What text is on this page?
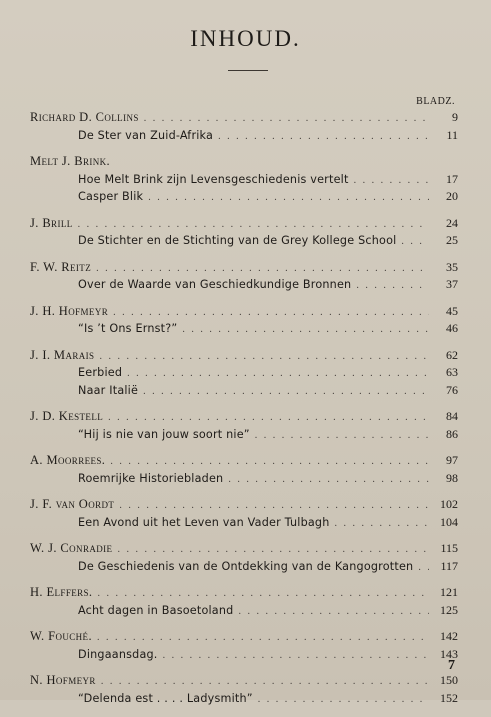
INHOUD.
BLADZ.
Richard D. Collins . . .	9
De Ster van Zuid-Afrika . . .	11
Melt J. Brink.
Hoe Melt Brink zijn Levensgeschiedenis vertelt . . .	17
Casper Blik . . .	20
J. Brill . . .	24
De Stichter en de Stichting van de Grey Kollege School . . .	25
F. W. Reitz . . .	35
Over de Waarde van Geschiedkundige Bronnen . . .	37
J. H. Hofmeyr . . .	45
“Is ’t Ons Ernst?” . . .	46
J. I. Marais . . .	62
Eerbied . . .	63
Naar Italië . . .	76
J. D. Kestell . . .	84
“Hij is nie van jouw soort nie” . . .	86
A. Moorrees. . . .	97
Roemrijke Historiebladen . . .	98
J. F. van Oordt . . .	102
Een Avond uit het Leven van Vader Tulbagh . . .	104
W. J. Conradie . . .	115
De Geschiedenis van de Ontdekking van de Kangogrotten . . .	117
H. Elffers. . . .	121
Acht dagen in Basoetoland . . .	125
W. Fouché. . . .	142
Dingaansdag. . . .	143
N. Hofmeyr . . .	150
“Delenda est . . . . Ladysmith” . . .	152
7
